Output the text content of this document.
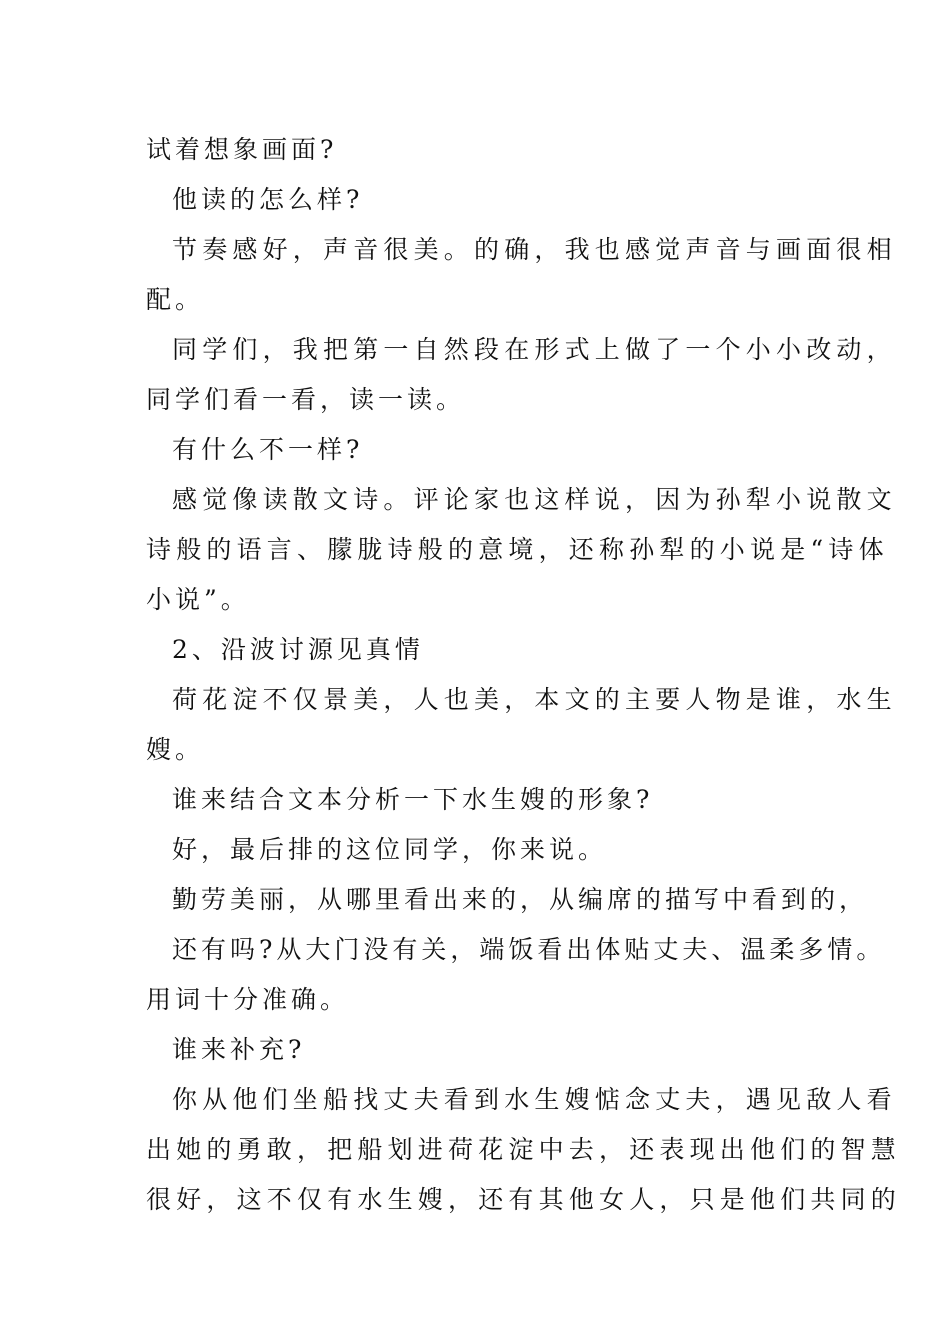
试着想象画面?

他读的怎么样?

节奏感好，声音很美。的确，我也感觉声音与画面很相

配。

同学们，我把第一自然段在形式上做了一个小小改动，

同学们看一看，读一读。

有什么不一样?

感觉像读散文诗。评论家也这样说，因为孙犁小说散文

诗般的语言、朦胧诗般的意境，还称孙犁的小说是“诗体

小说”。

2、沿波讨源见真情

荷花淀不仅景美，人也美，本文的主要人物是谁，水生

嫂。

谁来结合文本分析一下水生嫂的形象?

好，最后排的这位同学，你来说。

勤劳美丽，从哪里看出来的，从编席的描写中看到的，

还有吗?从大门没有关，端饭看出体贴丈夫、温柔多情。

用词十分准确。

谁来补充?

你从他们坐船找丈夫看到水生嫂惦念丈夫，遇见敌人看

出她的勇敢，把船划进荷花淀中去，还表现出他们的智慧

很好，这不仅有水生嫂，还有其他女人，只是他们共同的
